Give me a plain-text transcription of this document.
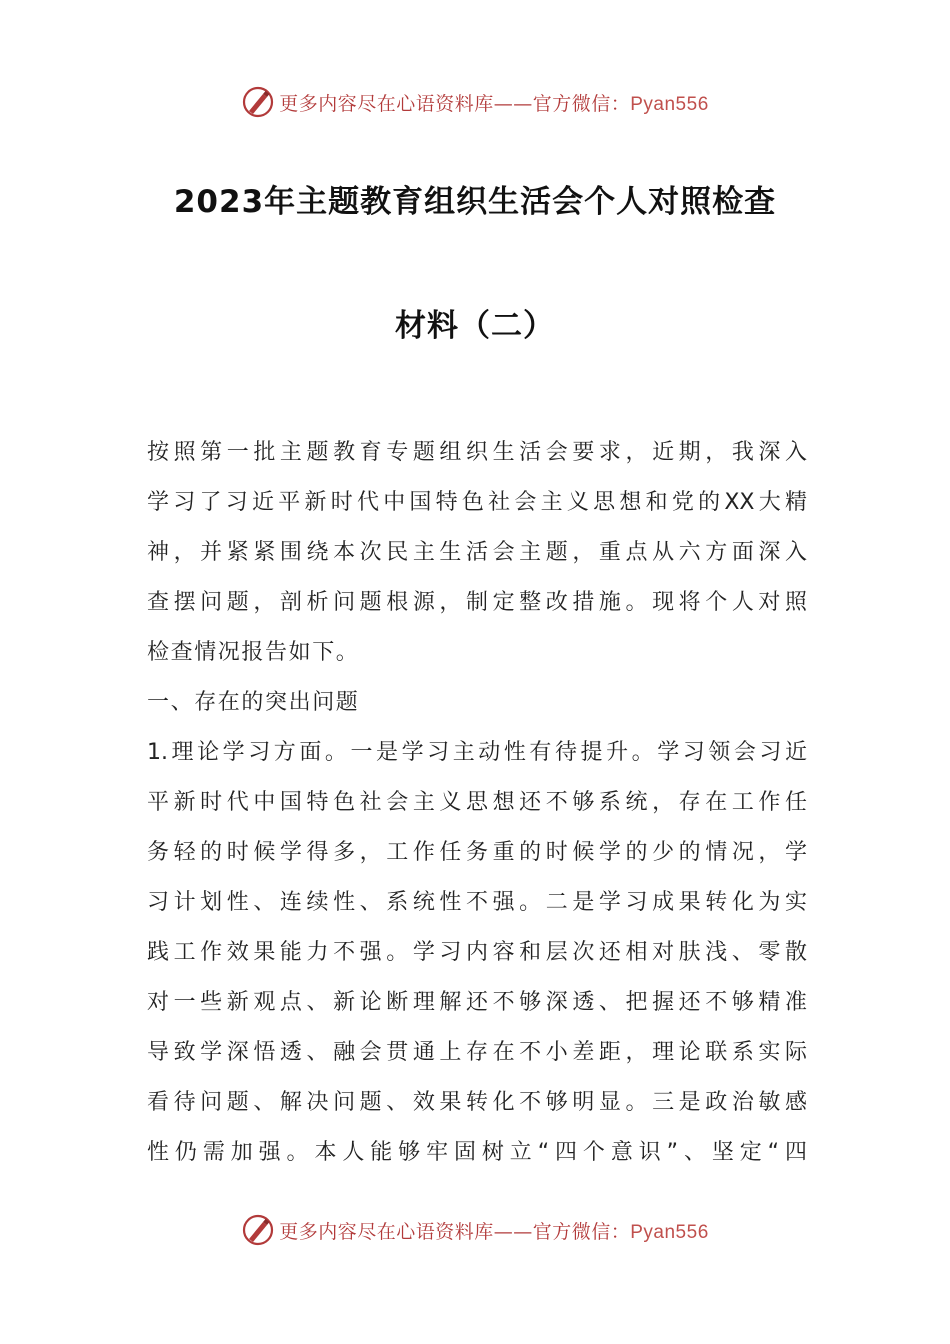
更多内容尽在心语资料库——官方微信：Pyan556
2023年主题教育组织生活会个人对照检查
材料（二）
按照第一批主题教育专题组织生活会要求，近期，我深入
学习了习近平新时代中国特色社会主义思想和党的XX大精
神，并紧紧围绕本次民主生活会主题，重点从六方面深入
查摆问题，剖析问题根源，制定整改措施。现将个人对照
检查情况报告如下。
一、存在的突出问题
1.理论学习方面。一是学习主动性有待提升。学习领会习近
平新时代中国特色社会主义思想还不够系统，存在工作任
务轻的时候学得多，工作任务重的时候学的少的情况，学
习计划性、连续性、系统性不强。二是学习成果转化为实
践工作效果能力不强。学习内容和层次还相对肤浅、零散
对一些新观点、新论断理解还不够深透、把握还不够精准
导致学深悟透、融会贯通上存在不小差距，理论联系实际
看待问题、解决问题、效果转化不够明显。三是政治敏感
性仍需加强。本人能够牢固树立“四个意识”、坚定“四
更多内容尽在心语资料库——官方微信：Pyan556
